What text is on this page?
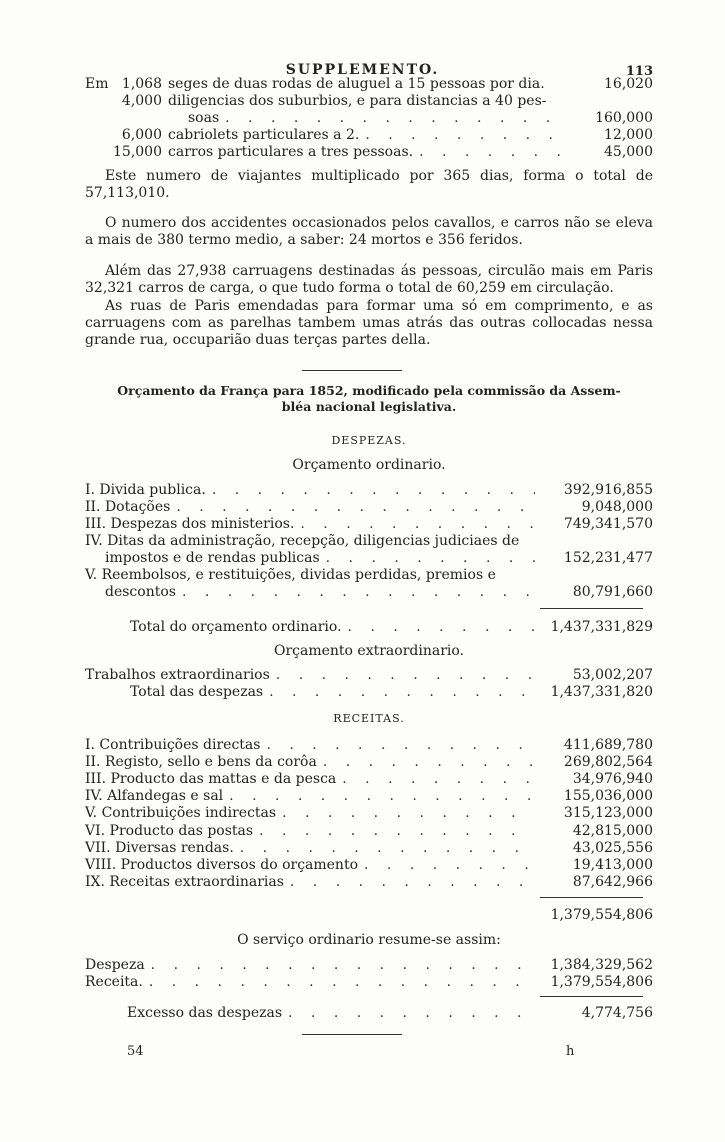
SUPPLEMENTO.	113
Em 1,068 seges de duas rodas de aluguel a 15 pessoas por dia.	16,020
4,000 diligencias dos suburbios, e para distancias a 40 pes-
soas . . .	160,000
6,000 cabriolets particulares a 2. . . .	12,000
15,000 carros particulares a tres pessoas. . . .	45,000

Este numero de viajantes multiplicado por 365 dias, forma o total de 57,113,010.

O numero dos accidentes occasionados pelos cavallos, e carros não se eleva a mais de 380 termo medio, a saber: 24 mortos e 356 feridos.

Além das 27,938 carruagens destinadas ás pessoas, circulão mais em Paris 32,321 carros de carga, o que tudo forma o total de 60,259 em circulação.

As ruas de Paris emendadas para formar uma só em comprimento, e as carruagens com as parelhas tambem umas atrás das outras collocadas nessa grande rua, occuparião duas terças partes della.

Orçamento da França para 1852, modificado pela commissão da Assem-
bléa nacional legislativa.
DESPEZAS.
Orçamento ordinario.
I. Divida publica. . . .	392,916,855
II. Dotações . . .	9,048,000
III. Despezas dos ministerios. . . .	749,341,570
IV. Ditas da administração, recepção, diligencias judiciaes de
impostos e de rendas publicas . . .	152,231,477
V. Reembolsos, e restituições, dividas perdidas, premios e
descontos . . .	80,791,660
Total do orçamento ordinario. . . .	1,437,331,829
Orçamento extraordinario.
Trabalhos extraordinarios . . .	53,002,207
Total das despezas . . .	1,437,331,820
RECEITAS.
I. Contribuições directas . . .	411,689,780
II. Registo, sello e bens da corôa . . .	269,802,564
III. Producto das mattas e da pesca . . .	34,976,940
IV. Alfandegas e sal . . .	155,036,000
V. Contribuições indirectas . . .	315,123,000
VI. Producto das postas . . .	42,815,000
VII. Diversas rendas. . . .	43,025,556
VIII. Productos diversos do orçamento . . .	19,413,000
IX. Receitas extraordinarias . . .	87,642,966
1,379,554,806
O serviço ordinario resume-se assim:
Despeza . . .	1,384,329,562
Receita. . . .	1,379,554,806
Excesso das despezas . . .	4,774,756
54	h
